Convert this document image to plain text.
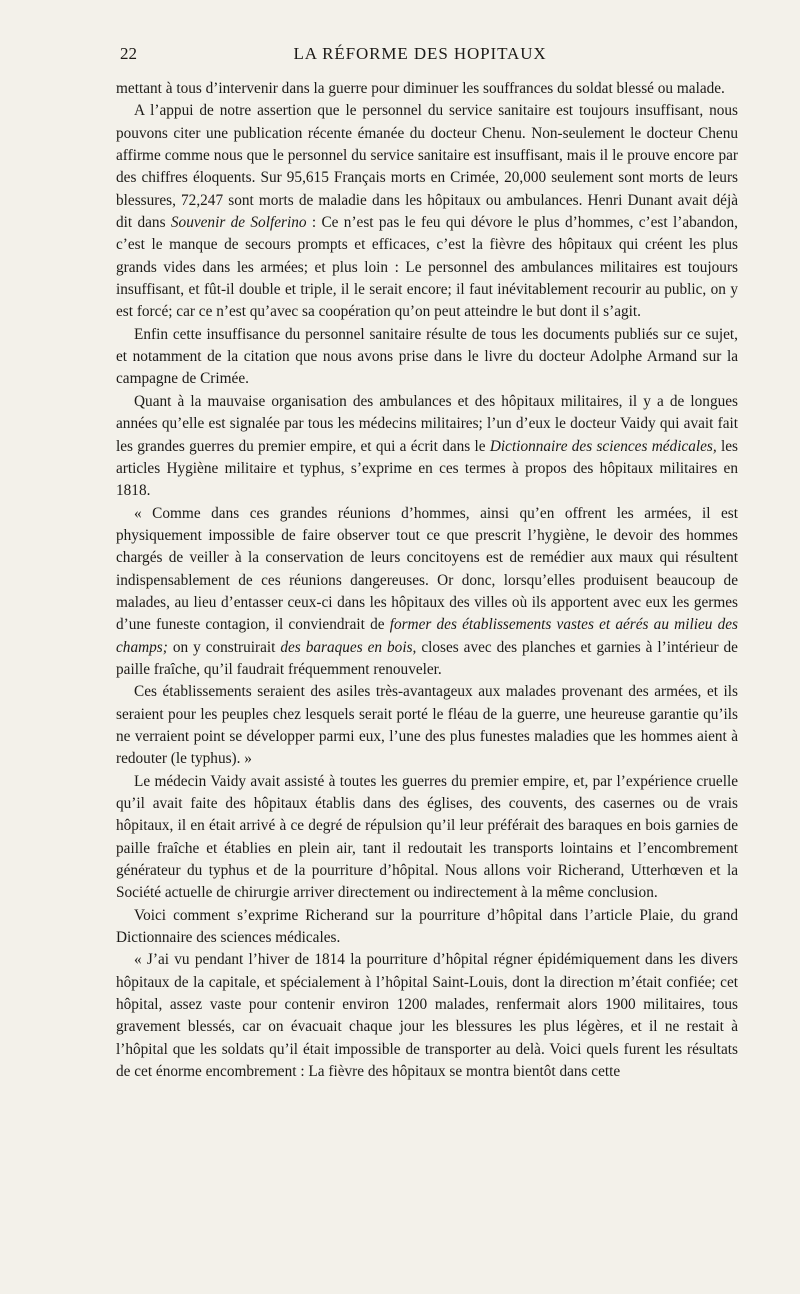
22	LA RÉFORME DES HOPITAUX

mettant à tous d’intervenir dans la guerre pour diminuer les souffrances du soldat blessé ou malade.

A l’appui de notre assertion que le personnel du service sanitaire est toujours insuffisant, nous pouvons citer une publication récente émanée du docteur Chenu. Non-seulement le docteur Chenu affirme comme nous que le personnel du service sanitaire est insuffisant, mais il le prouve encore par des chiffres éloquents. Sur 95,615 Français morts en Crimée, 20,000 seulement sont morts de leurs blessures, 72,247 sont morts de maladie dans les hôpitaux ou ambulances. Henri Dunant avait déjà dit dans Souvenir de Solferino : Ce n’est pas le feu qui dévore le plus d’hommes, c’est l’abandon, c’est le manque de secours prompts et efficaces, c’est la fièvre des hôpitaux qui créent les plus grands vides dans les armées; et plus loin : Le personnel des ambulances militaires est toujours insuffisant, et fût-il double et triple, il le serait encore; il faut inévitablement recourir au public, on y est forcé; car ce n’est qu’avec sa coopération qu’on peut atteindre le but dont il s’agit.

Enfin cette insuffisance du personnel sanitaire résulte de tous les documents publiés sur ce sujet, et notamment de la citation que nous avons prise dans le livre du docteur Adolphe Armand sur la campagne de Crimée.

Quant à la mauvaise organisation des ambulances et des hôpitaux militaires, il y a de longues années qu’elle est signalée par tous les médecins militaires; l’un d’eux le docteur Vaidy qui avait fait les grandes guerres du premier empire, et qui a écrit dans le Dictionnaire des sciences médicales, les articles Hygiène militaire et typhus, s’exprime en ces termes à propos des hôpitaux militaires en 1818.

« Comme dans ces grandes réunions d’hommes, ainsi qu’en offrent les armées, il est physiquement impossible de faire observer tout ce que prescrit l’hygiène, le devoir des hommes chargés de veiller à la conservation de leurs concitoyens est de remédier aux maux qui résultent indispensablement de ces réunions dangereuses. Or donc, lorsqu’elles produisent beaucoup de malades, au lieu d’entasser ceux-ci dans les hôpitaux des villes où ils apportent avec eux les germes d’une funeste contagion, il conviendrait de former des établissements vastes et aérés au milieu des champs; on y construirait des baraques en bois, closes avec des planches et garnies à l’intérieur de paille fraîche, qu’il faudrait fréquemment renouveler.

Ces établissements seraient des asiles très-avantageux aux malades provenant des armées, et ils seraient pour les peuples chez lesquels serait porté le fléau de la guerre, une heureuse garantie qu’ils ne verraient point se développer parmi eux, l’une des plus funestes maladies que les hommes aient à redouter (le typhus). »

Le médecin Vaidy avait assisté à toutes les guerres du premier empire, et, par l’expérience cruelle qu’il avait faite des hôpitaux établis dans des églises, des couvents, des casernes ou de vrais hôpitaux, il en était arrivé à ce degré de répulsion qu’il leur préférait des baraques en bois garnies de paille fraîche et établies en plein air, tant il redoutait les transports lointains et l’encombrement générateur du typhus et de la pourriture d’hôpital. Nous allons voir Richerand, Utterhœven et la Société actuelle de chirurgie arriver directement ou indirectement à la même conclusion.

Voici comment s’exprime Richerand sur la pourriture d’hôpital dans l’article Plaie, du grand Dictionnaire des sciences médicales.

« J’ai vu pendant l’hiver de 1814 la pourriture d’hôpital régner épidémiquement dans les divers hôpitaux de la capitale, et spécialement à l’hôpital Saint-Louis, dont la direction m’était confiée; cet hôpital, assez vaste pour contenir environ 1200 malades, renfermait alors 1900 militaires, tous gravement blessés, car on évacuait chaque jour les blessures les plus légères, et il ne restait à l’hôpital que les soldats qu’il était impossible de transporter au delà. Voici quels furent les résultats de cet énorme encombrement : La fièvre des hôpitaux se montra bientôt dans cette
